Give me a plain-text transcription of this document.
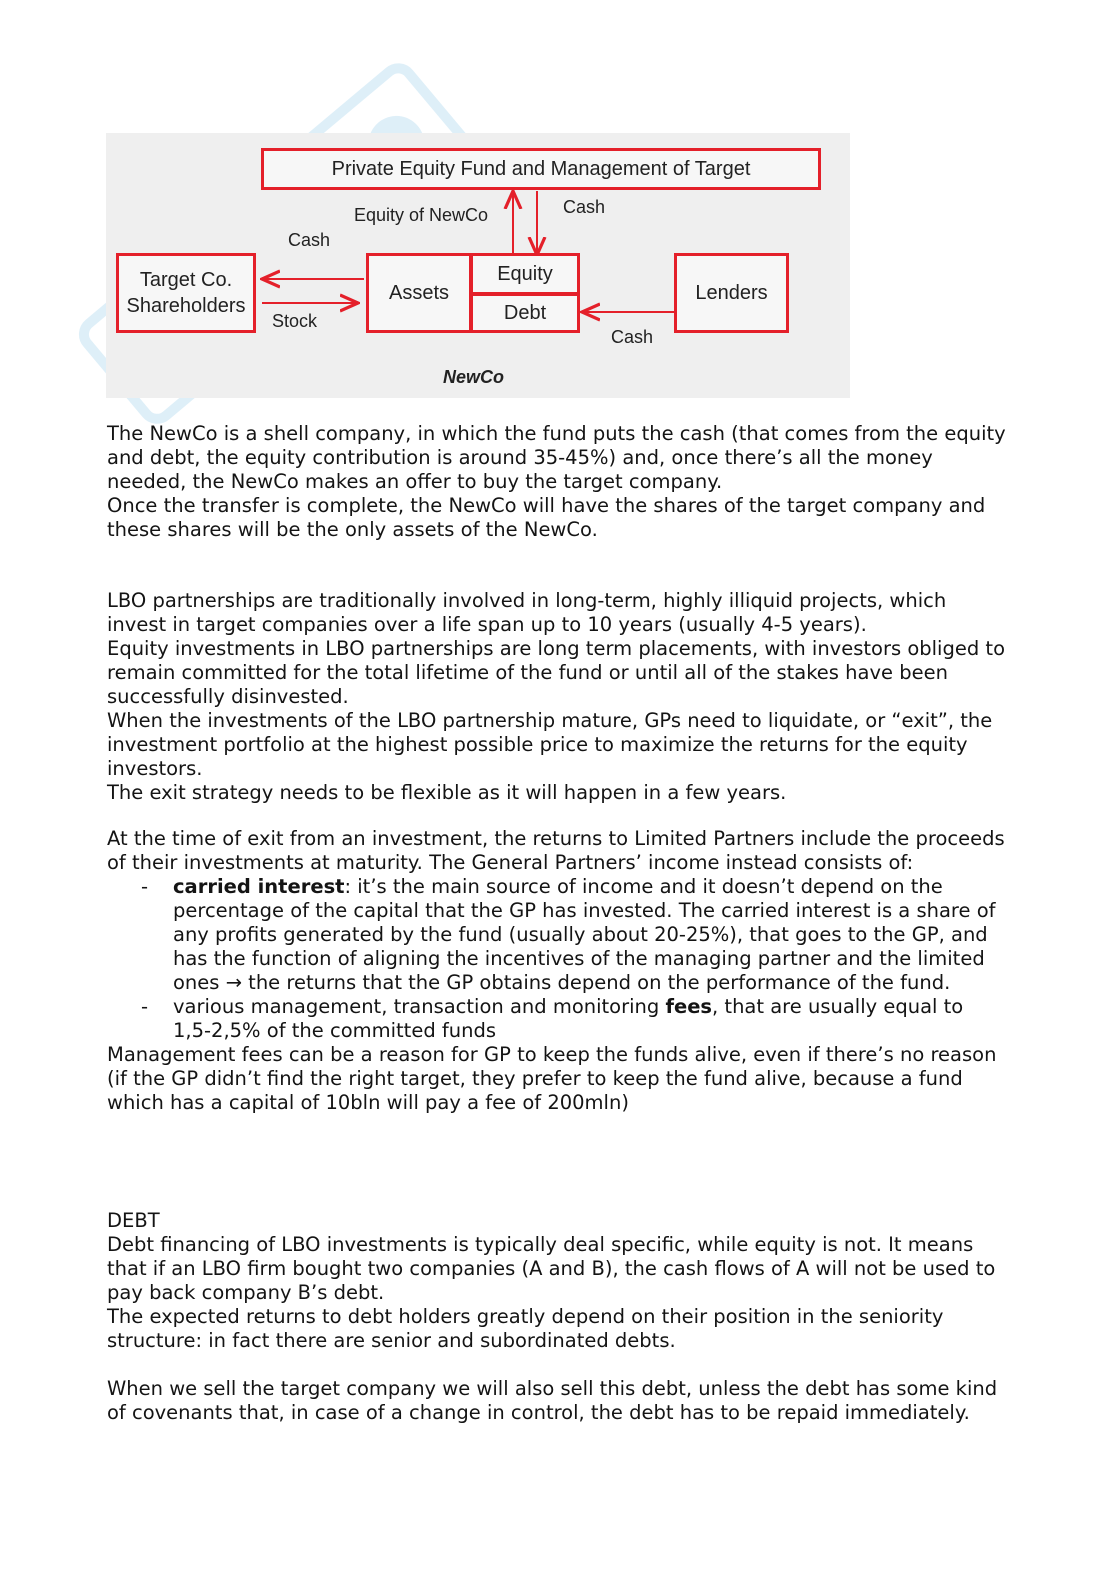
Private Equity Fund and Management of Target
Target Co. Shareholders
Assets
Equity
Debt
Lenders
Equity of NewCo	Cash
Cash
Stock
Cash
NewCo

The NewCo is a shell company, in which the fund puts the cash (that comes from the equity and debt, the equity contribution is around 35-45%) and, once there’s all the money needed, the NewCo makes an offer to buy the target company.

Once the transfer is complete, the NewCo will have the shares of the target company and these shares will be the only assets of the NewCo.

LBO partnerships are traditionally involved in long-term, highly illiquid projects, which invest in target companies over a life span up to 10 years (usually 4-5 years).

Equity investments in LBO partnerships are long term placements, with investors obliged to remain committed for the total lifetime of the fund or until all of the stakes have been successfully disinvested.

When the investments of the LBO partnership mature, GPs need to liquidate, or “exit”, the investment portfolio at the highest possible price to maximize the returns for the equity investors.

The exit strategy needs to be flexible as it will happen in a few years.

At the time of exit from an investment, the returns to Limited Partners include the proceeds of their investments at maturity. The General Partners’ income instead consists of:

- carried interest: it’s the main source of income and it doesn’t depend on the percentage of the capital that the GP has invested. The carried interest is a share of any profits generated by the fund (usually about 20-25%), that goes to the GP, and has the function of aligning the incentives of the managing partner and the limited ones → the returns that the GP obtains depend on the performance of the fund.
- various management, transaction and monitoring fees, that are usually equal to 1,5-2,5% of the committed funds

Management fees can be a reason for GP to keep the funds alive, even if there’s no reason (if the GP didn’t find the right target, they prefer to keep the fund alive, because a fund which has a capital of 10bln will pay a fee of 200mln)

DEBT

Debt financing of LBO investments is typically deal specific, while equity is not. It means that if an LBO firm bought two companies (A and B), the cash flows of A will not be used to pay back company B’s debt.

The expected returns to debt holders greatly depend on their position in the seniority structure: in fact there are senior and subordinated debts.

When we sell the target company we will also sell this debt, unless the debt has some kind of covenants that, in case of a change in control, the debt has to be repaid immediately.
